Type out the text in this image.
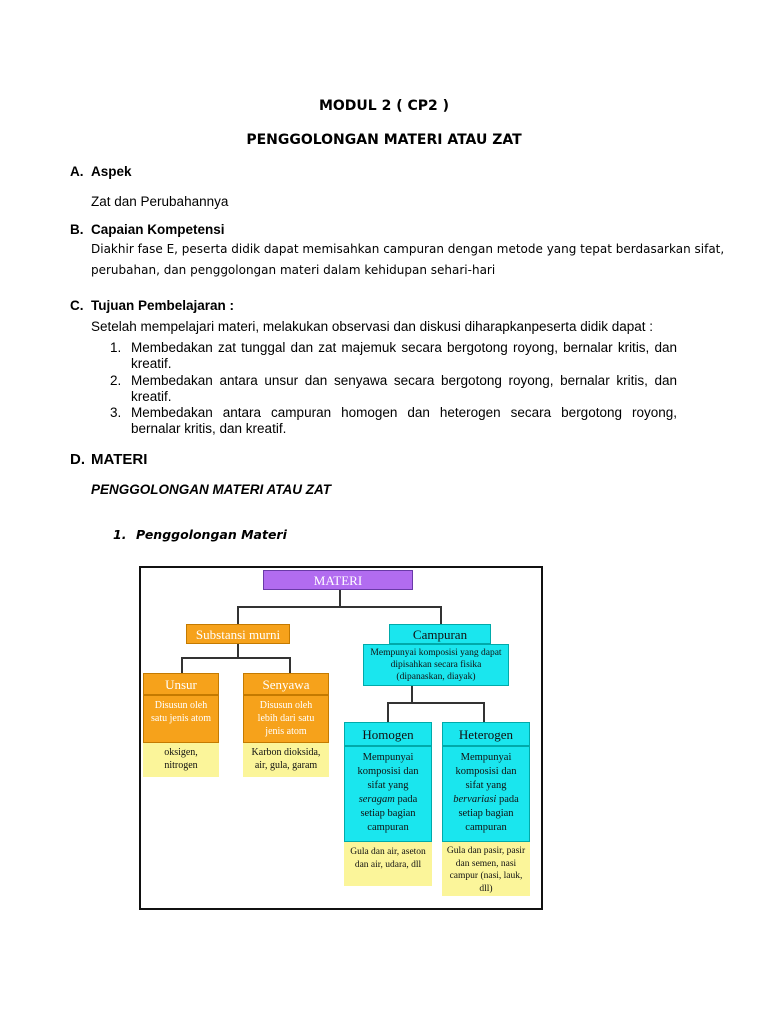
MODUL 2 ( CP2 )
PENGGOLONGAN MATERI ATAU ZAT
A. Aspek
Zat dan Perubahannya
B. Capaian Kompetensi
Diakhir fase E, peserta didik dapat memisahkan campuran dengan metode yang tepat berdasarkan sifat,
perubahan, dan penggolongan materi dalam kehidupan sehari-hari
C. Tujuan Pembelajaran :
Setelah mempelajari materi, melakukan observasi dan diskusi diharapkanpeserta didik dapat :
1. Membedakan zat tunggal dan zat majemuk secara bergotong royong, bernalar kritis, dan kreatif.
2. Membedakan antara unsur dan senyawa secara bergotong royong, bernalar kritis, dan kreatif.
3. Membedakan antara campuran homogen dan heterogen secara bergotong royong, bernalar kritis, dan kreatif.
D. MATERI
PENGGOLONGAN MATERI ATAU ZAT
1. Penggolongan Materi
MATERI
Substansi murni	Campuran
Mempunyai komposisi yang dapat dipisahkan secara fisika (dipanaskan, diayak)
Unsur
Disusun oleh satu jenis atom
oksigen, nitrogen
Senyawa
Disusun oleh lebih dari satu jenis atom
Karbon dioksida, air, gula, garam
Homogen
Mempunyai komposisi dan sifat yang seragam pada setiap bagian campuran
Gula dan air, aseton dan air, udara, dll
Heterogen
Mempunyai komposisi dan sifat yang bervariasi pada setiap bagian campuran
Gula dan pasir, pasir dan semen, nasi campur (nasi, lauk, dll)
